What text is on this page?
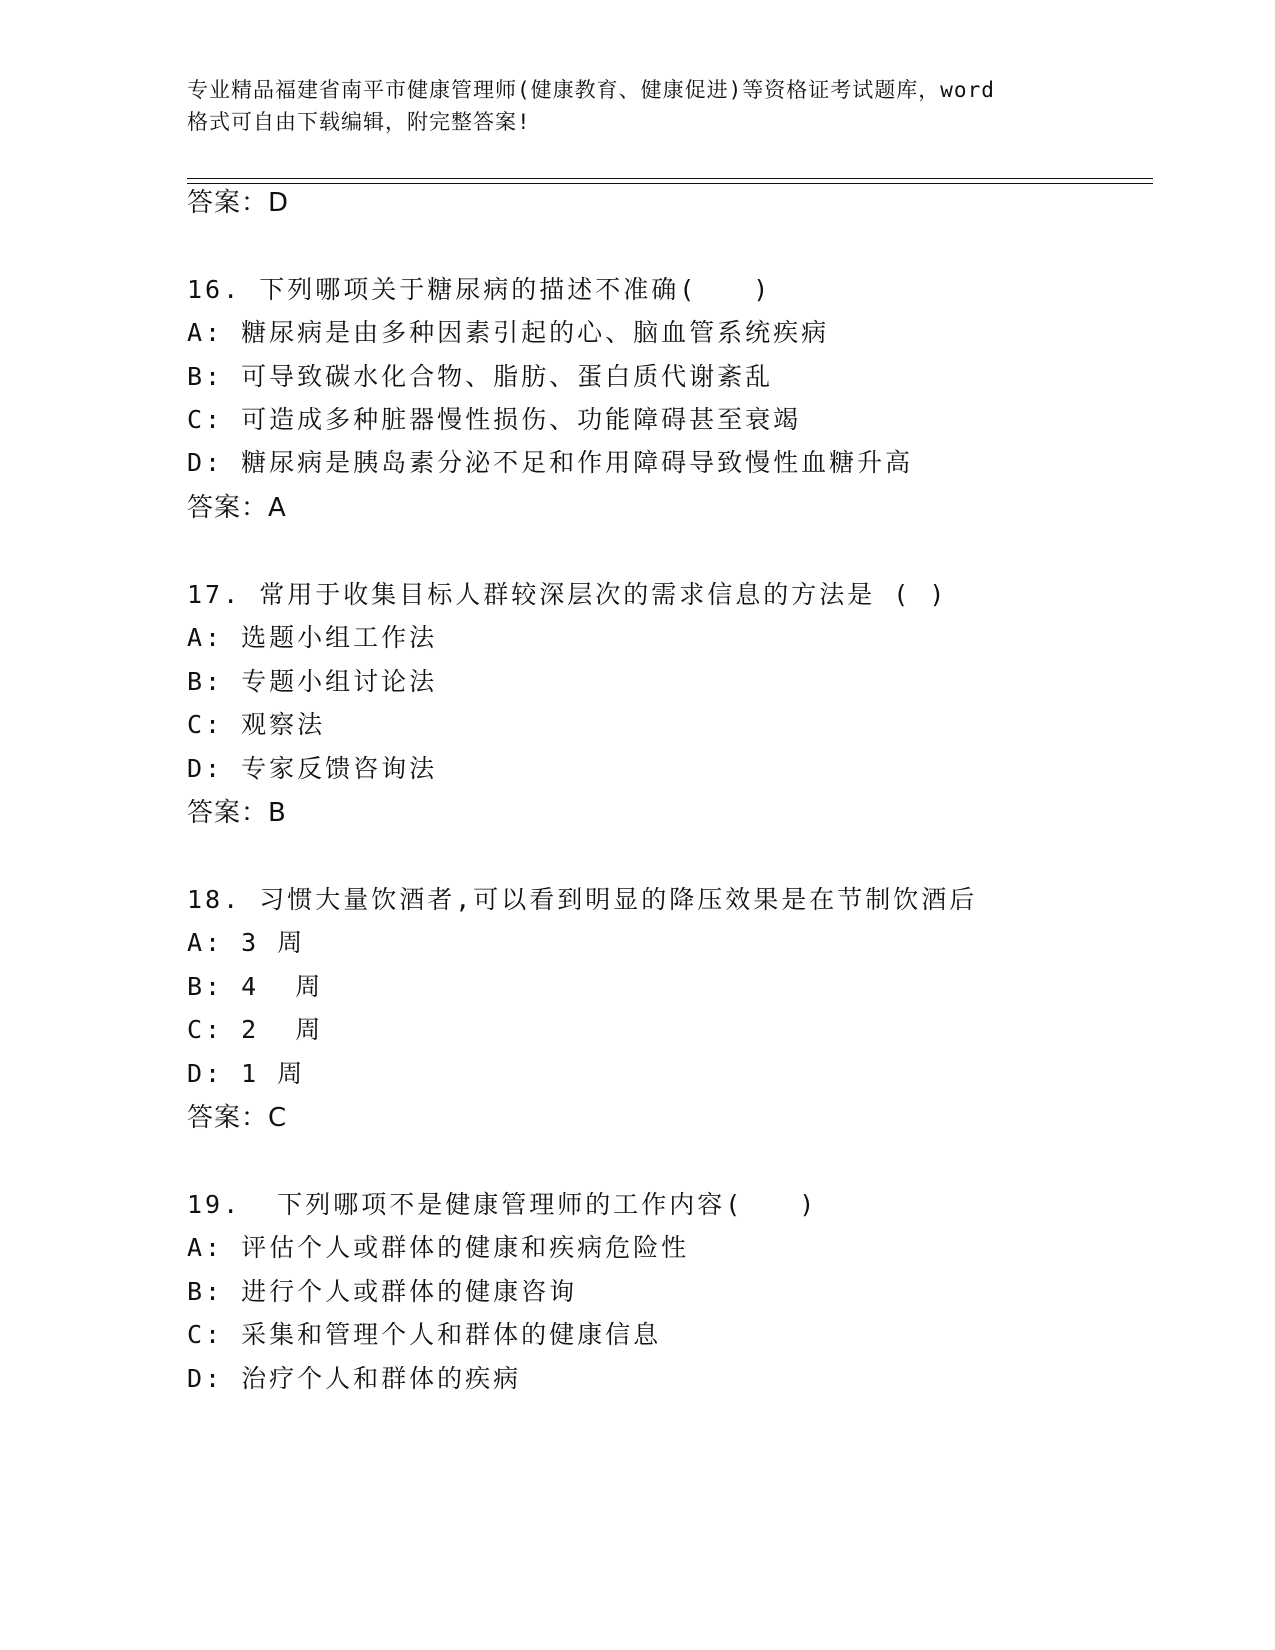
专业精品福建省南平市健康管理师(健康教育、健康促进)等资格证考试题库，word
格式可自由下载编辑，附完整答案!
答案：D
16. 下列哪项关于糖尿病的描述不准确(　　)
A: 糖尿病是由多种因素引起的心、脑血管系统疾病
B: 可导致碳水化合物、脂肪、蛋白质代谢紊乱
C: 可造成多种脏器慢性损伤、功能障碍甚至衰竭
D: 糖尿病是胰岛素分泌不足和作用障碍导致慢性血糖升高
答案：A
17. 常用于收集目标人群较深层次的需求信息的方法是 ( )
A: 选题小组工作法
B: 专题小组讨论法
C: 观察法
D: 专家反馈咨询法
答案：B
18. 习惯大量饮酒者,可以看到明显的降压效果是在节制饮酒后
A: 3 周
B: 4  周
C: 2  周
D: 1 周
答案：C
19.  下列哪项不是健康管理师的工作内容(　　)
A: 评估个人或群体的健康和疾病危险性
B: 进行个人或群体的健康咨询
C: 采集和管理个人和群体的健康信息
D: 治疗个人和群体的疾病
